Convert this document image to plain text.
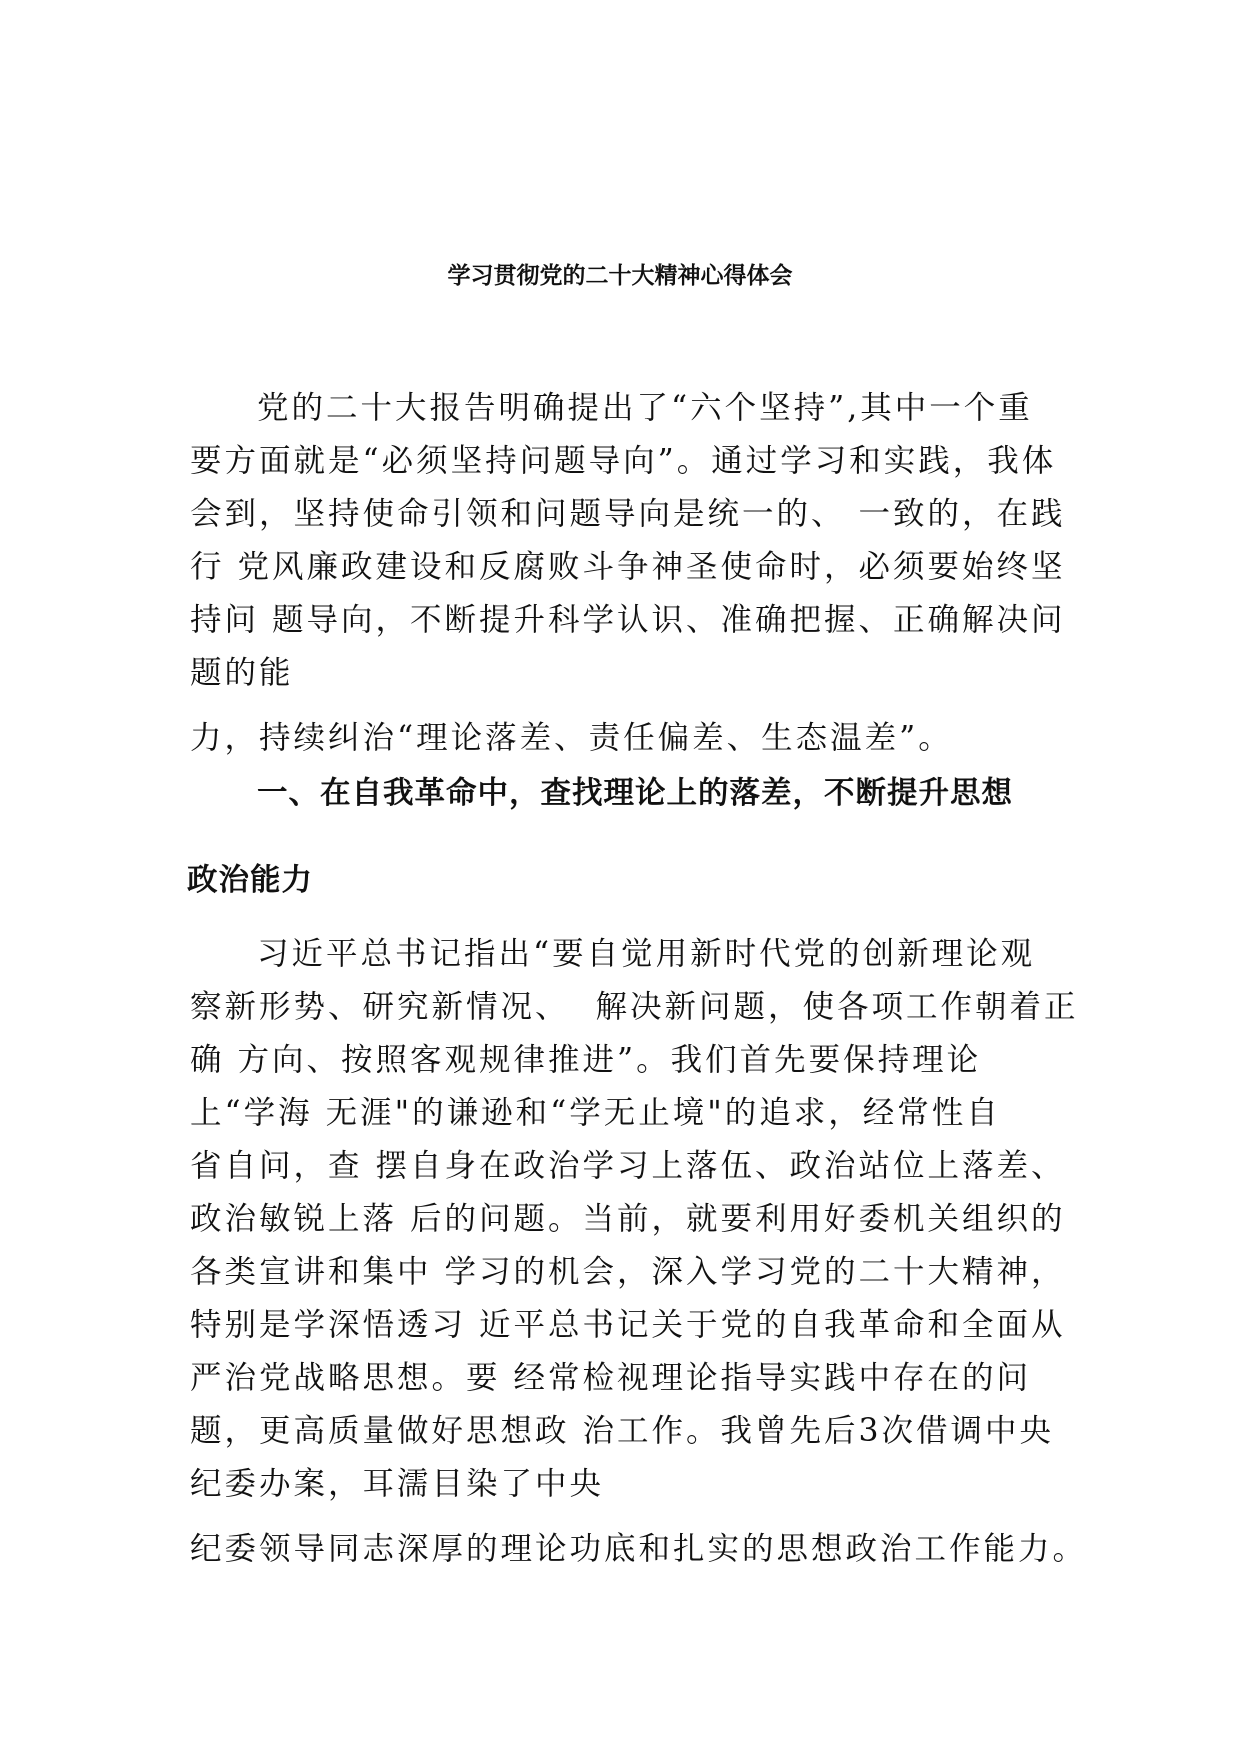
学习贯彻党的二十大精神心得体会
党的二十大报告明确提出了“六个坚持”,其中一个重
要方面就是“必须坚持问题导向”。通过学习和实践，我体
会到，坚持使命引领和问题导向是统一的、 一致的，在践
行 党风廉政建设和反腐败斗争神圣使命时，必须要始终坚
持问 题导向，不断提升科学认识、准确把握、正确解决问
题的能
力，持续纠治“理论落差、责任偏差、生态温差”。
一、在自我革命中，查找理论上的落差，不断提升思想
政治能力
习近平总书记指出“要自觉用新时代党的创新理论观
察新形势、研究新情况、  解决新问题，使各项工作朝着正
确 方向、按照客观规律推进”。我们首先要保持理论
上“学海 无涯"的谦逊和“学无止境"的追求，经常性自
省自问，查 摆自身在政治学习上落伍、政治站位上落差、
政治敏锐上落 后的问题。当前，就要利用好委机关组织的
各类宣讲和集中 学习的机会，深入学习党的二十大精神，
特别是学深悟透习 近平总书记关于党的自我革命和全面从
严治党战略思想。要 经常检视理论指导实践中存在的问
题，更高质量做好思想政 治工作。我曾先后3次借调中央
纪委办案，耳濡目染了中央
纪委领导同志深厚的理论功底和扎实的思想政治工作能力。
